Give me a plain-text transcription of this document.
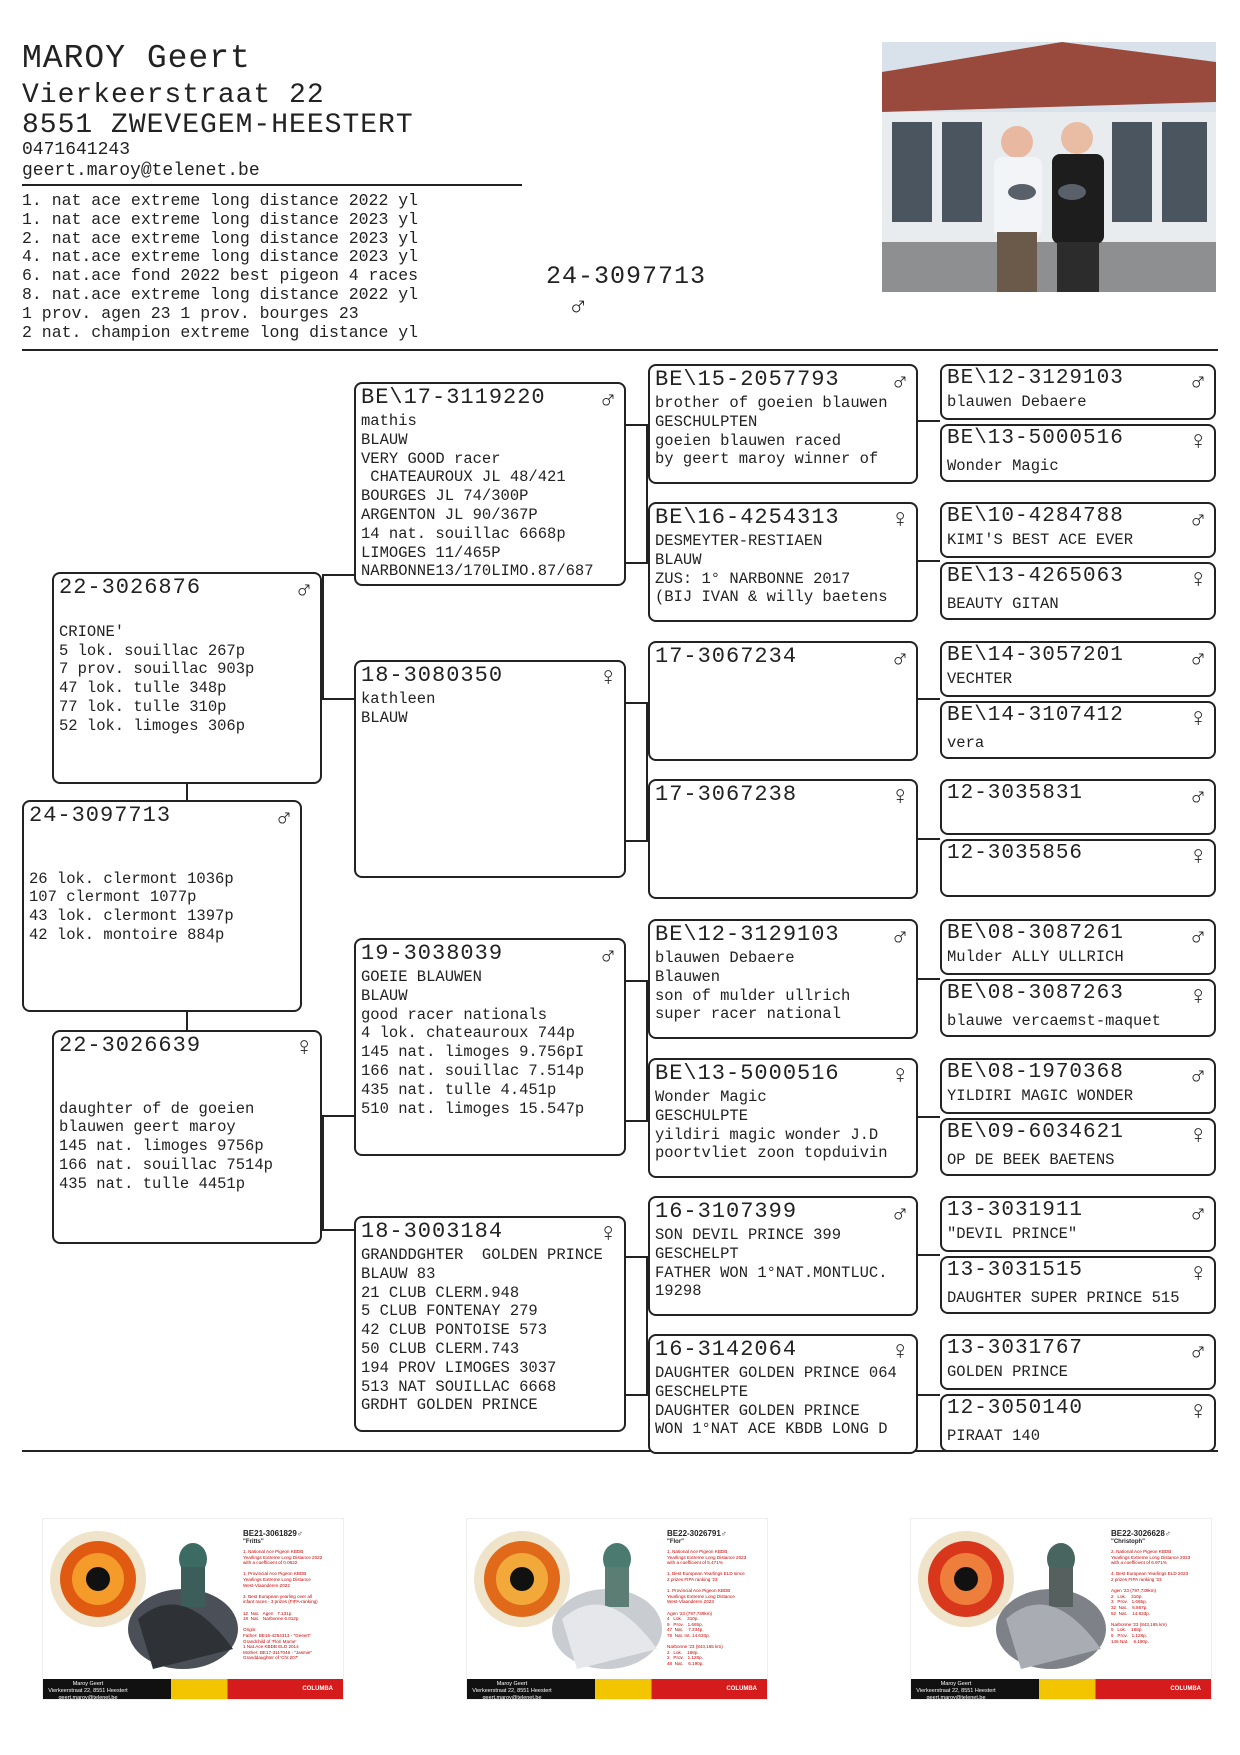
MAROY Geert
Vierkeerstraat 22
8551 ZWEVEGEM-HEESTERT
0471641243
geert.maroy@telenet.be
1. nat ace extreme long distance 2022 yl
1. nat ace extreme long distance 2023 yl
2. nat ace extreme long distance 2023 yl
4. nat.ace extreme long distance 2023 yl
6. nat.ace fond 2022 best pigeon 4 races
8. nat.ace extreme long distance 2022 yl
1 prov. agen 23 1 prov. bourges 23
2 nat. champion extreme long distance yl
24-3097713
♂
24-3097713	♂

26 lok. clermont 1036p
107 clermont 1077p
43 lok. clermont 1397p
42 lok. montoire 884p
22-3026876	♂

CRIONE'
5 lok. souillac 267p
7 prov. souillac 903p
47 lok. tulle 348p
77 lok. tulle 310p
52 lok. limoges 306p
22-3026639	♀

daughter of de goeien
blauwen geert maroy
145 nat. limoges 9756p
166 nat. souillac 7514p
435 nat. tulle 4451p
BE\17-3119220 ♂
mathis
BLAUW
VERY GOOD racer
CHATEAUROUX JL 48/421
BOURGES JL 74/300P
ARGENTON JL 90/367P
14 nat. souillac 6668p
LIMOGES 11/465P
NARBONNE13/170LIMO.87/687
18-3080350	♀
kathleen
BLAUW
19-3038039	♂
GOEIE BLAUWEN
BLAUW
good racer nationals
4 lok. chateauroux 744p
145 nat. limoges 9.756pI
166 nat. souillac 7.514p
435 nat. tulle 4.451p
510 nat. limoges 15.547p
18-3003184	♀
GRANDDGHTER  GOLDEN PRINCE
BLAUW 83
21 CLUB CLERM.948
5 CLUB FONTENAY 279
42 CLUB PONTOISE 573
50 CLUB CLERM.743
194 PROV LIMOGES 3037
513 NAT SOUILLAC 6668
GRDHT GOLDEN PRINCE
BE\15-2057793 ♂
brother of goeien blauwen
GESCHULPTEN
goeien blauwen raced
by geert maroy winner of
BE\16-4254313 ♀
DESMEYTER-RESTIAEN
BLAUW
ZUS: 1° NARBONNE 2017
(BIJ IVAN & willy baetens
17-3067234	♂
17-3067238	♀
BE\12-3129103 ♂
blauwen Debaere
Blauwen
son of mulder ullrich
super racer national
BE\13-5000516 ♀
Wonder Magic
GESCHULPTE
yildiri magic wonder J.D
poortvliet zoon topduivin
16-3107399	♂
SON DEVIL PRINCE 399
GESCHELPT
FATHER WON 1°NAT.MONTLUC.
19298
16-3142064	♀
DAUGHTER GOLDEN PRINCE 064
GESCHELPTE
DAUGHTER GOLDEN PRINCE
WON 1°NAT ACE KBDB LONG D
BE\12-3129103	♂
blauwen Debaere
BE\13-5000516	♀
Wonder Magic
BE\10-4284788	♂
KIMI'S BEST ACE EVER
BE\13-4265063	♀
BEAUTY GITAN
BE\14-3057201	♂
VECHTER
BE\14-3107412	♀
vera
12-3035831	♂
12-3035856	♀
BE\08-3087261	♂
Mulder ALLY ULLRICH
BE\08-3087263	♀
blauwe vercaemst-maquet
BE\08-1970368	♂
YILDIRI MAGIC WONDER
BE\09-6034621	♀
OP DE BEEK BAETENS
13-3031911	♂
"DEVIL PRINCE"
13-3031515	♀
DAUGHTER SUPER PRINCE 515
13-3031767	♂
GOLDEN PRINCE
12-3050140	♀
PIRAAT 140
BE21-3061829♂
"Fritts"
1. National Ace Pigeon KBDB
Yearlings Extreme Long Distance 2022
with a coefficient of 0.0622

1. Provincial Ace Pigeon KBDB
Yearlings Extreme Long Distance
West-Vlaanderen 2022

3. Best European yearling over all
infant races - 3 prizes (FIPA-ranking)

12  Nat.   Agen   7.131p
18  Nat.   Narbonne 6.012p

Origin:
Father: BE16-4254313 - "Geeert"
Grandchild of 'Flori Mame'
1 Nat.Ace KBDB ELD 2014
Mother: BE17-3117046 - "Jasmie"
Granddaughter of 'Chr.207'
Maroy Geert
Vierkeerstraat 22, 8551 Heestert
geert.maroy@telenet.be
+32 (0) 471641243
COLUMBA
BE22-3026791♂
"Flor"
1. National Ace Pigeon KBDB
Yearlings Extreme Long Distance 2023
with a coefficient of 5.471%

1. Best European Yearlings ELD since
2 prizes FIPA ranking '23

1. Provincial Ace Pigeon KBDB
Yearlings Extreme Long Distance
West-Vlaanderen 2023

Agen '23 (797,739km)
4   Lok.    310p.
9   Prov.   1.665p.
47  Nat.    7.334p.
78  Nat. Int. 14.633p.

Narbonne '23 (843,165 km)
2   Lok.    168p.
2   Prov.   1.128p.
48  Nat.    6.190p.
Maroy Geert
Vierkeerstraat 22, 8551 Heestert
geert.maroy@telenet.be
+32 (0) 471641243
COLUMBA
BE22-3026628♂
"Christoph"
2. National Ace Pigeon KBDB
Yearlings Extreme Long Distance 2023
with a coefficient of 6.971%

4. Best European Yearlings ELD 2023
2 prizes FIPA ranking '23

Agen '23 (797,739km)
2   Lok.    310p.
3   Prov.   1.665p.
32  Nat.    6.867p.
52  Nat.    14.633p.

Narbonne '23 (843,165 km)
5   Lok.    168p.
9   Prov.   1.128p.
146 Nat.    6.190p.
Maroy Geert
Vierkeerstraat 22, 8551 Heestert
geert.maroy@telenet.be
+32 (0) 471641243
COLUMBA
